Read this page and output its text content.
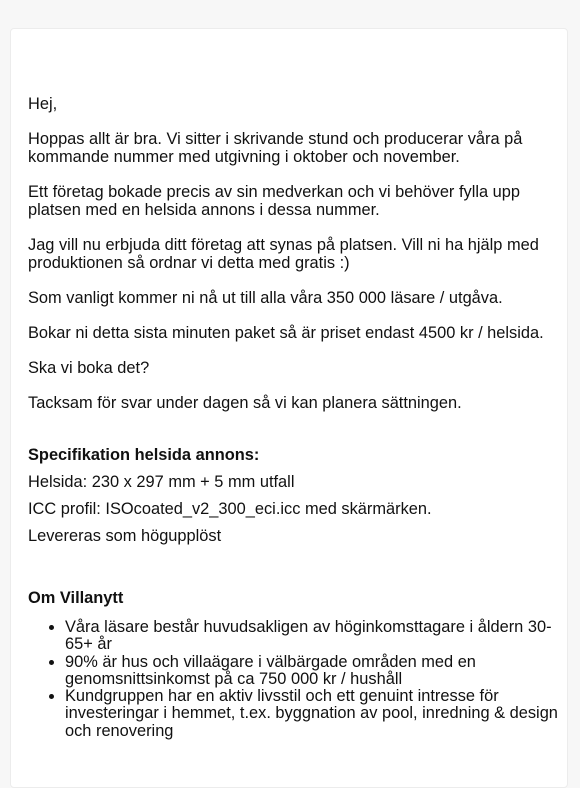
Hej,

Hoppas allt är bra. Vi sitter i skrivande stund och producerar våra på kommande nummer med utgivning i oktober och november.

Ett företag bokade precis av sin medverkan och vi behöver fylla upp platsen med en helsida annons i dessa nummer.

Jag vill nu erbjuda ditt företag att synas på platsen. Vill ni ha hjälp med produktionen så ordnar vi detta med gratis :)

Som vanligt kommer ni nå ut till alla våra 350 000 läsare / utgåva.

Bokar ni detta sista minuten paket så är priset endast 4500 kr / helsida.

Ska vi boka det?

Tacksam för svar under dagen så vi kan planera sättningen.

Specifikation helsida annons:

Helsida: 230 x 297 mm + 5 mm utfall

ICC profil: ISOcoated_v2_300_eci.icc med skärmärken.

Levereras som högupplöst

Om Villanytt

• Våra läsare består huvudsakligen av höginkomsttagare i åldern 30-65+ år
• 90% är hus och villaägare i välbärgade områden med en genomsnittsinkomst på ca 750 000 kr / hushåll
• Kundgruppen har en aktiv livsstil och ett genuint intresse för investeringar i hemmet, t.ex. byggnation av pool, inredning & design och renovering
